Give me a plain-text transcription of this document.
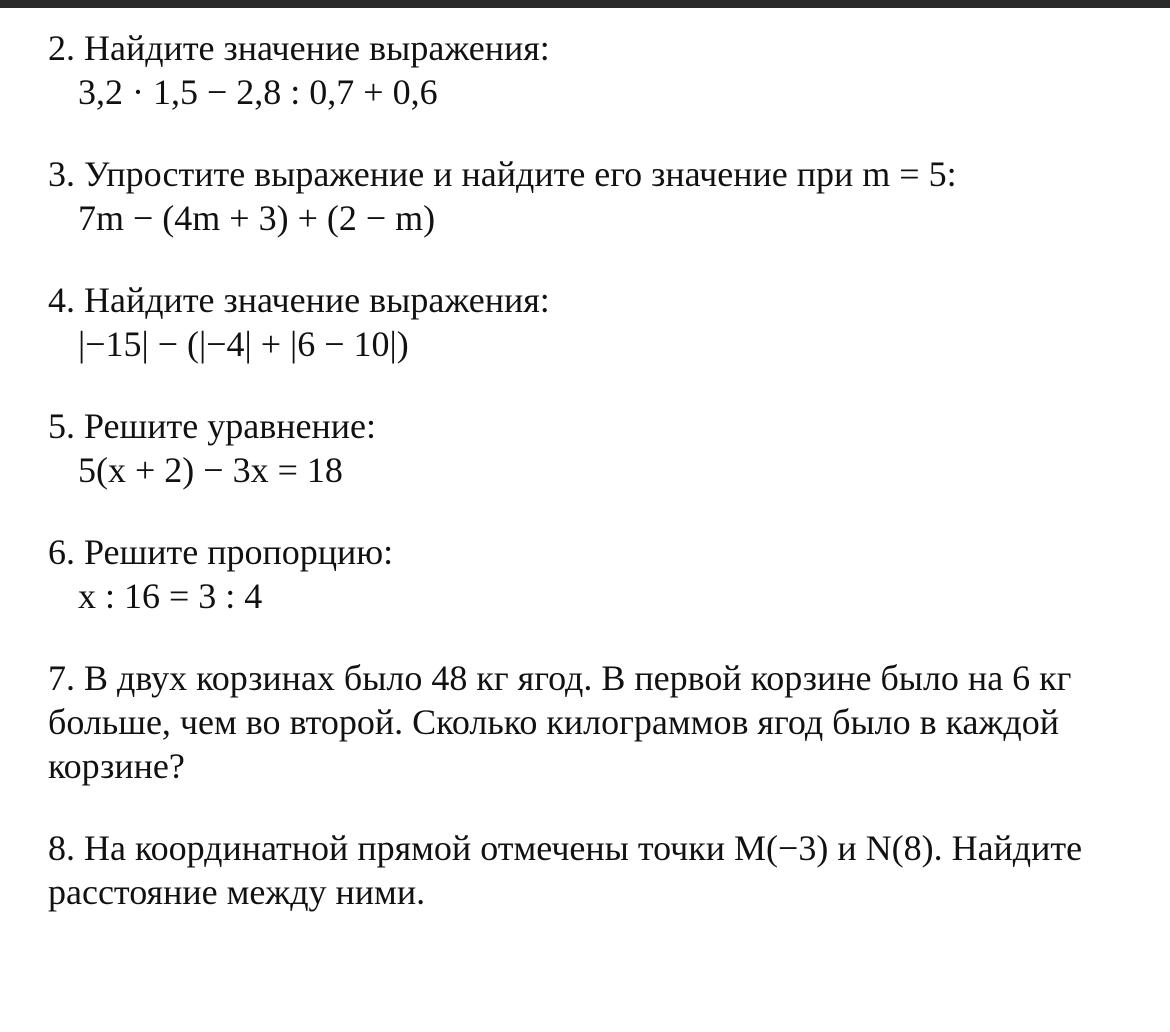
2. Найдите значение выражения:

3,2 · 1,5 − 2,8 : 0,7 + 0,6

3. Упростите выражение и найдите его значение при m = 5:

7m − (4m + 3) + (2 − m)

4. Найдите значение выражения:

|−15| − (|−4| + |6 − 10|)

5. Решите уравнение:

5(x + 2) − 3x = 18

6. Решите пропорцию:

x : 16 = 3 : 4

7. В двух корзинах было 48 кг ягод. В первой корзине было на 6 кг

больше, чем во второй. Сколько килограммов ягод было в каждой

корзине?

8. На координатной прямой отмечены точки M(−3) и N(8). Найдите

расстояние между ними.
